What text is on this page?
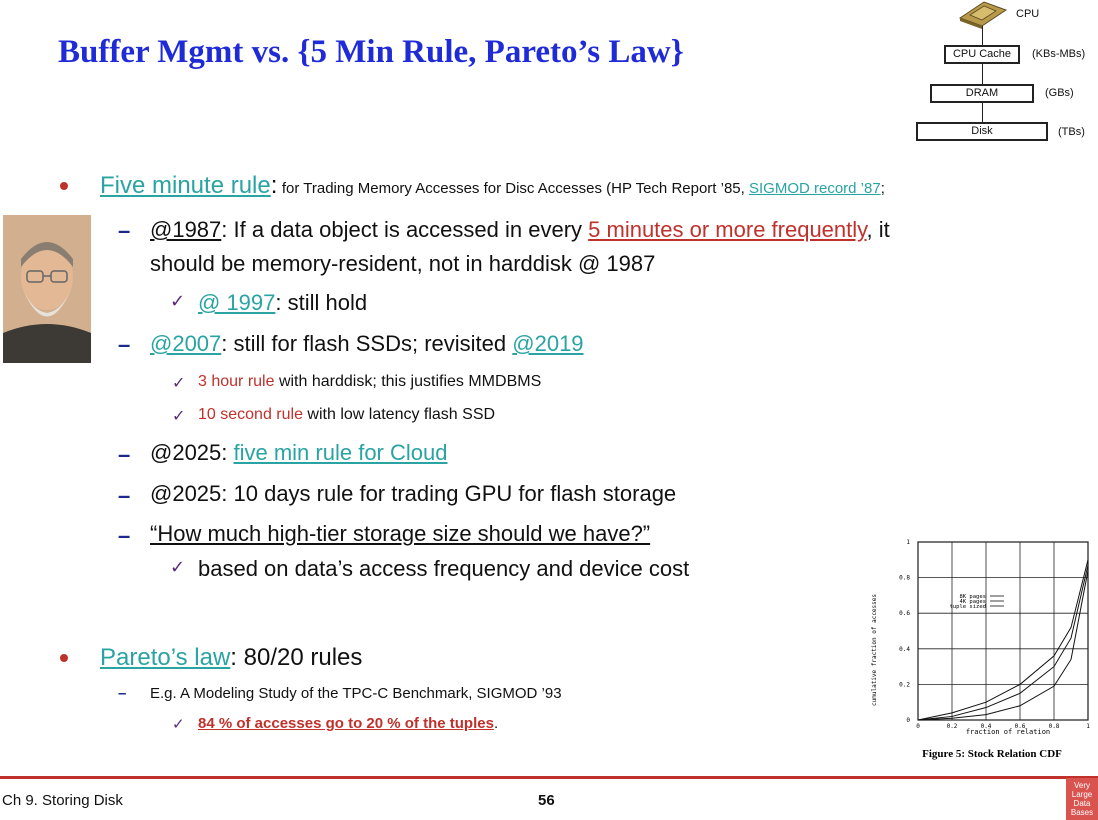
Buffer Mgmt vs. {5 Min Rule, Pareto’s Law}
CPU
CPU Cache	(KBs-MBs)
DRAM	(GBs)
Disk	(TBs)
Five minute rule: for Trading Memory Accesses for Disc Accesses (HP Tech Report ’85, SIGMOD record ’87;
– @1987: If a data object is accessed in every 5 minutes or more frequently, it
should be memory-resident, not in harddisk @ 1987
✓ @ 1997: still hold
– @2007: still for flash SSDs; revisited @2019
✓ 3 hour rule with harddisk; this justifies MMDBMS
✓ 10 second rule with low latency flash SSD
– @2025: five min rule for Cloud
– @2025: 10 days rule for trading GPU for flash storage
– “How much high-tier storage size should we have?”
✓ based on data’s access frequency and device cost
Pareto’s law: 80/20 rules
– E.g. A Modeling Study of the TPC-C Benchmark, SIGMOD ’93
✓ 84 % of accesses go to 20 % of the tuples.	0	0.2	0.4	0.6	0.8	1
0
0.2
0.4
0.6
0.8
1
8K pages
4K pages
tuple sized
fraction of relation
cumulative fraction of accesses
Figure 5: Stock Relation CDF
Ch 9. Storing Disk	56
Very Large Data Bases
